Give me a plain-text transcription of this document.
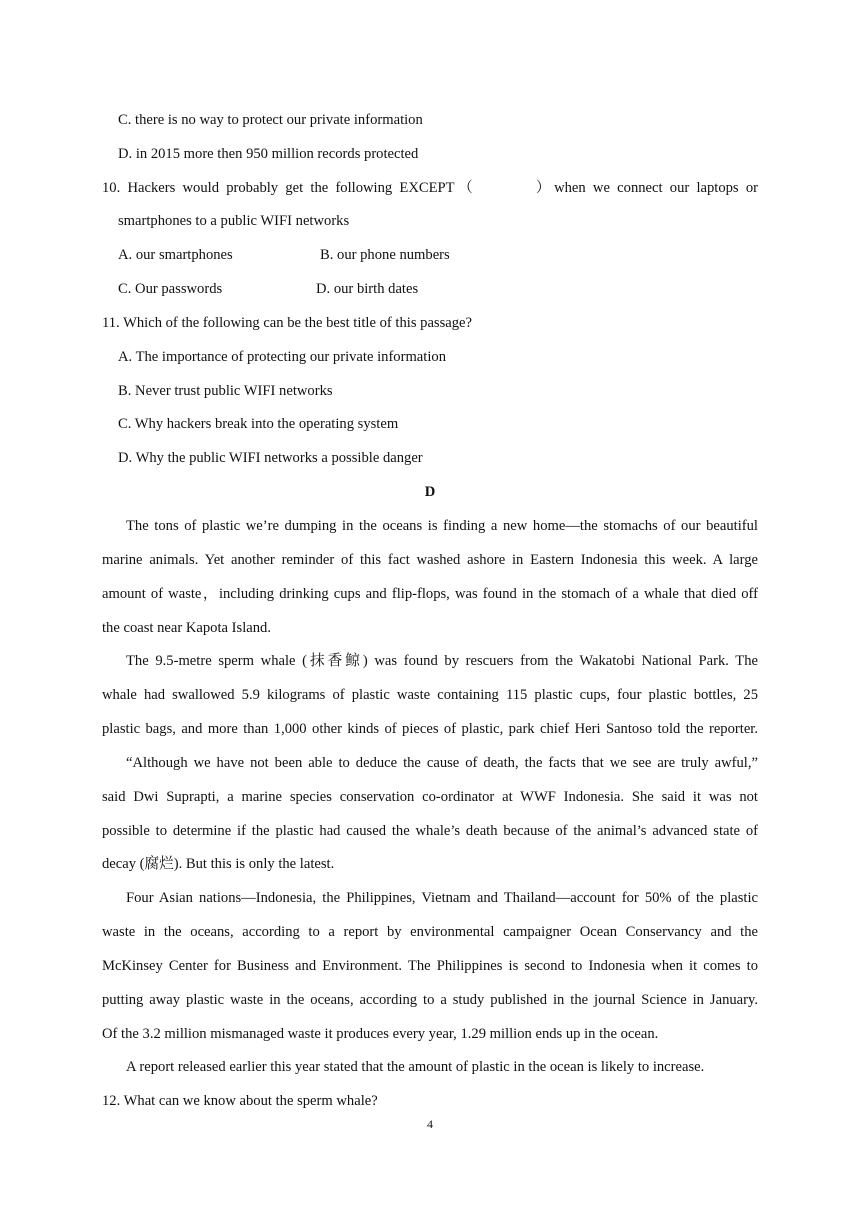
C. there is no way to protect our private information
D. in 2015 more then 950 million records protected
10. Hackers would probably get the following EXCEPT（	）when we connect our laptops or
smartphones to a public WIFI networks
A. our smartphones	B. our phone numbers
C. Our passwords	D. our birth dates
11. Which of the following can be the best title of this passage?
A. The importance of protecting our private information
B. Never trust public WIFI networks
C. Why hackers break into the operating system
D. Why the public WIFI networks a possible danger
D
The tons of plastic we’re dumping in the oceans is finding a new home—the stomachs of our beautiful
marine animals. Yet another reminder of this fact washed ashore in Eastern Indonesia this week. A large
amount of waste，including drinking cups and flip-flops, was found in the stomach of a whale that died off
the coast near Kapota Island.
The 9.5-metre sperm whale (抹香鲸) was found by rescuers from the Wakatobi National Park. The
whale had swallowed 5.9 kilograms of plastic waste containing 115 plastic cups, four plastic bottles, 25
plastic bags, and more than 1,000 other kinds of pieces of plastic, park chief Heri Santoso told the reporter.
“Although we have not been able to deduce the cause of death, the facts that we see are truly awful,”
said Dwi Suprapti, a marine species conservation co-ordinator at WWF Indonesia. She said it was not
possible to determine if the plastic had caused the whale’s death because of the animal’s advanced state of
decay (腐烂). But this is only the latest.
Four Asian nations—Indonesia, the Philippines, Vietnam and Thailand—account for 50% of the plastic
waste in the oceans, according to a report by environmental campaigner Ocean Conservancy and the
McKinsey Center for Business and Environment. The Philippines is second to Indonesia when it comes to
putting away plastic waste in the oceans, according to a study published in the journal Science in January.
Of the 3.2 million mismanaged waste it produces every year, 1.29 million ends up in the ocean.
A report released earlier this year stated that the amount of plastic in the ocean is likely to increase.
12. What can we know about the sperm whale?
4
